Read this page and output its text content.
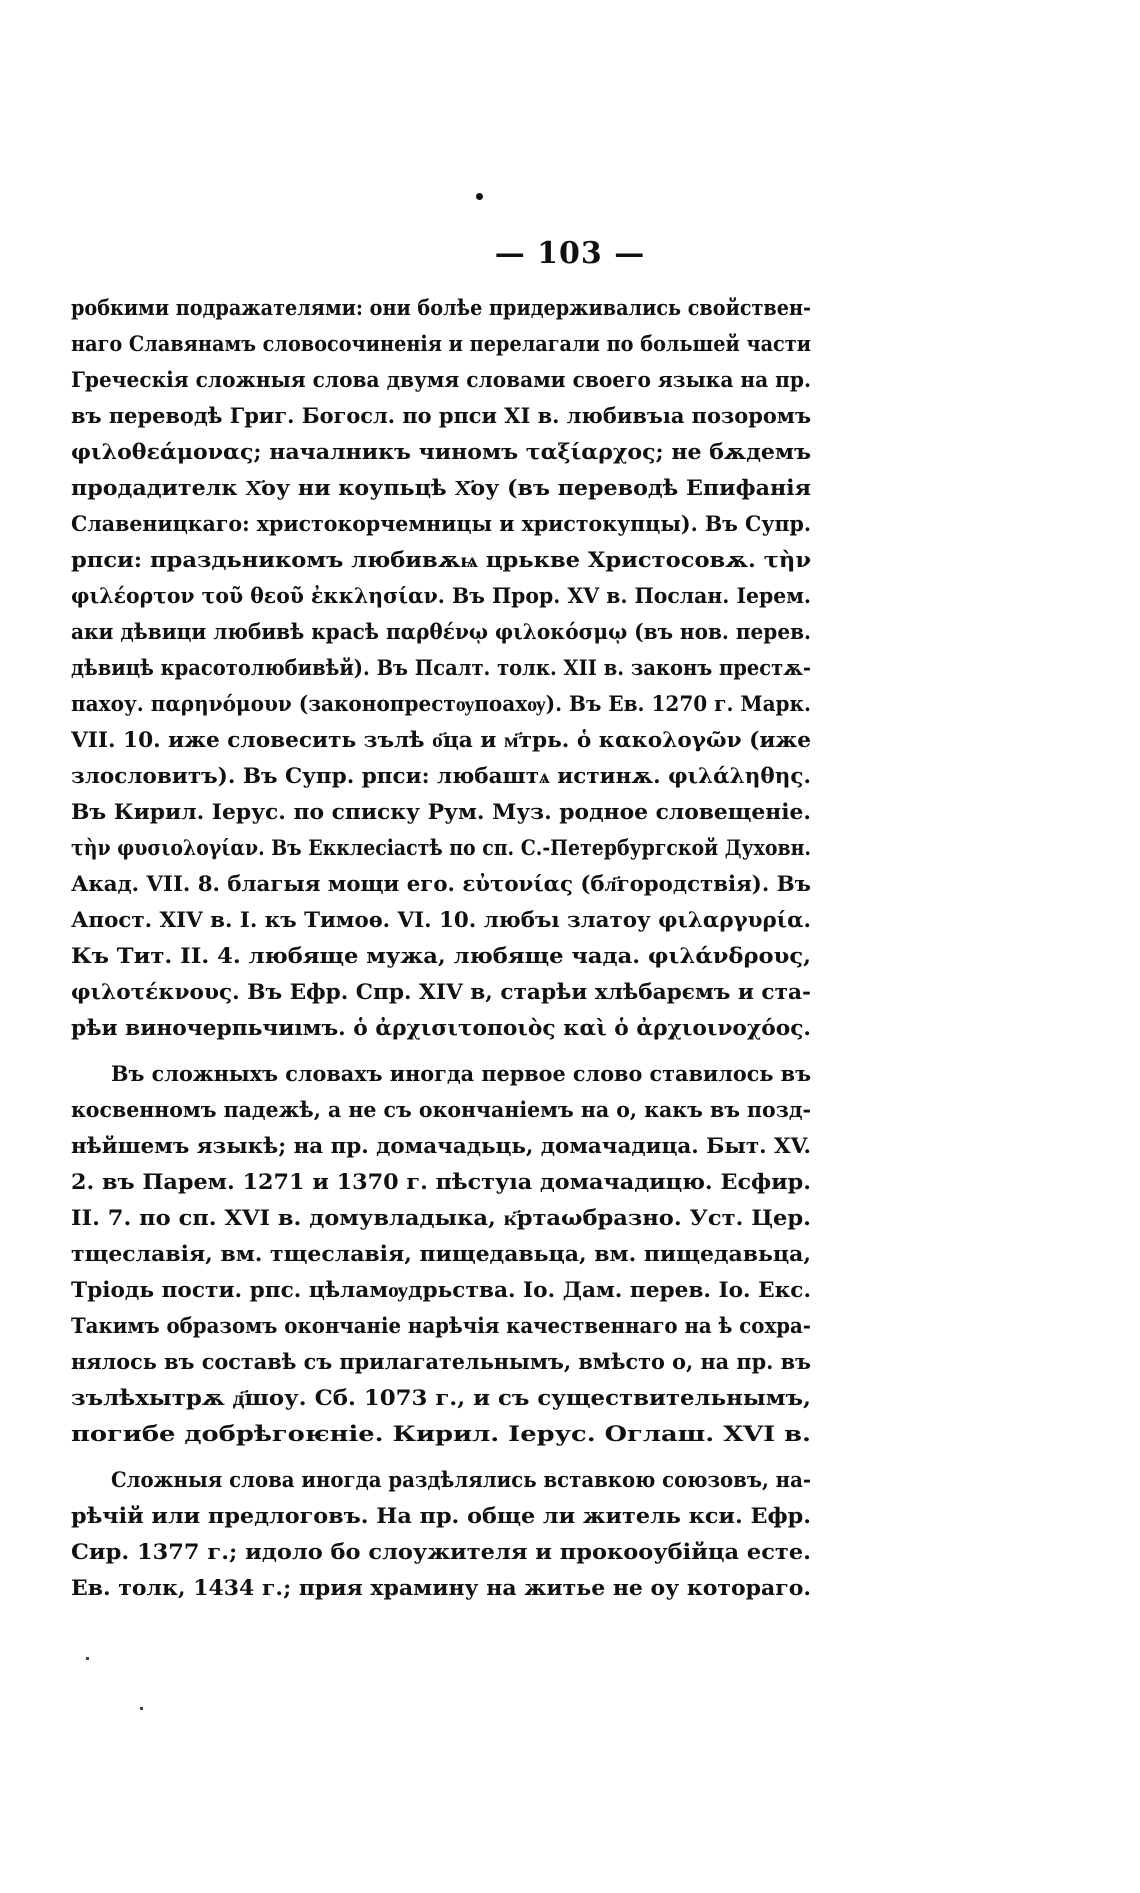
— 103 —
робкими подражателями: они болѣе придерживались свойствен-
наго Славянамъ словосочиненія и перелагали по большей части
Греческія сложныя слова двумя словами своего языка на пр.
въ переводѣ Григ. Богосл. по рпси XI в. любивъıа позоромъ
φιλοθεάμονας; началникъ чиномъ ταξίαρχος; не бѫдемъ
продадителк Х҃оу ни коупьцѣ Х҃оу (въ переводѣ Епифанія
Славеницкаго: христокорчемницы и христокупцы). Въ Супр.
рпси: праздьникомъ любивѫѩ црькве Христосовѫ. τὴν
φιλέορτον τοῦ θεοῦ ἐκκλησίαν. Въ Прор. XV в. Послан. Іерем.
аки дѣвици любивѣ красѣ παρθένῳ φιλοκόσμῳ (въ нов. перев.
дѣвицѣ красотолюбивѣй). Въ Псалт. толк. XII в. законъ престѫ-
пахоу. παρηνόμουν (законопрестѹпоахѹ). Въ Ев. 1270 г. Марк.
VII. 10. иже словесить зълѣ о҃ца и м҃трь. ὁ κακολογῶν (иже
злословитъ). Въ Супр. рпси: любаштѧ истинѫ. φιλάληθης.
Въ Кирил. Іерус. по списку Рум. Муз. родное словещеніе.
τὴν φυσιολογίαν. Въ Екклесіастѣ по сп. С.-Петербургской Духовн.
Акад. VII. 8. благыя мощи его. εὐτονίας (бл҃городствія). Въ
Апост. XIV в. I. къ Тимоѳ. VI. 10. любъı златоу φιλαργυρία.
Къ Тит. II. 4. любяще мужа, любяще чада. φιλάνδρους,
φιλοτέκνους. Въ Ефр. Спр. XIV в, старѣи хлѣбарємъ и ста-
рѣи виночерпьчиıмъ. ὁ ἀρχισιτοποιὸς καὶ ὁ ἀρχιοινοχόος.
Въ сложныхъ словахъ иногда первое слово ставилось въ
косвенномъ падежѣ, а не съ окончаніемъ на о, какъ въ позд-
нѣйшемъ языкѣ; на пр. домачадьць, домачадица. Быт. XV.
2. въ Парем. 1271 и 1370 г. пѣстуıа домачадицю. Есфир.
II. 7. по сп. XVI в. домувладыка, к҃ртаωбразно. Уст. Цер.
тщеславія, вм. тщеславія, пищедавьца, вм. пищедавьца,
Тріодь пости. рпс. цѣламѹдрьства. Іо. Дам. перев. Іо. Екс.
Такимъ образомъ окончаніе нарѣчія качественнаго на ѣ сохра-
нялось въ составѣ съ прилагательнымъ, вмѣсто о, на пр. въ
зълѣхытрѫ д҃шоу. Сб. 1073 г., и съ существительнымъ,
погибе добрѣгоѥніе. Кирил. Іерус. Оглаш. XVI в.
Сложныя слова иногда раздѣлялись вставкою союзовъ, на-
рѣчій или предлоговъ. На пр. обще ли житель кси. Ефр.
Сир. 1377 г.; идоло бо слоужителя и прокооубійца есте.
Ев. толк, 1434 г.; прия храмину на житье не оу котораго.
